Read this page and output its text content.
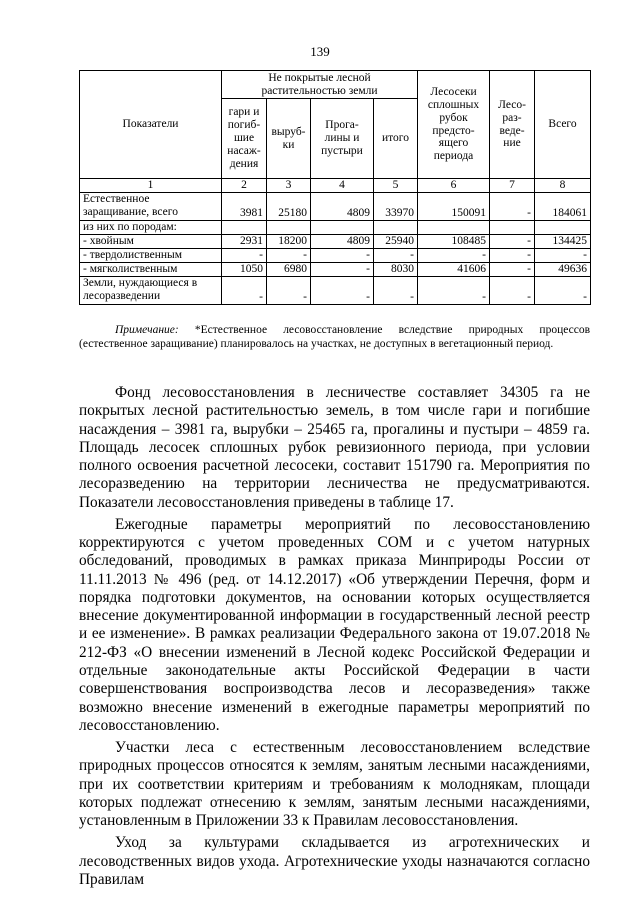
139
Показатели	Не покрытые лесной растительностью земли				Лесосеки сплошных рубок предсто-ящего периода	Лесо-раз-веде-ние	Всего
	гари и погиб-шие насаж-дения	выруб-ки	Прога-лины и пустыри	итого			
1	2	3	4	5	6	7	8
Естественное заращивание, всего	3981	25180	4809	33970	150091	-	184061
из них по породам:							
- хвойным	2931	18200	4809	25940	108485	-	134425
- твердолиственным	-	-	-	-	-	-	-
- мягколиственным	1050	6980	-	8030	41606	-	49636
Земли, нуждающиеся в лесоразведении	-	-	-	-	-	-	-

Примечание: *Естественное лесовосстановление вследствие природных процессов (естественное заращивание) планировалось на участках, не доступных в вегетационный период.

Фонд лесовосстановления в лесничестве составляет 34305 га не покрытых лесной растительностью земель, в том числе гари и погибшие насаждения – 3981 га, вырубки – 25465 га, прогалины и пустыри – 4859 га. Площадь лесосек сплошных рубок ревизионного периода, при условии полного освоения расчетной лесосеки, составит 151790 га. Мероприятия по лесоразведению на территории лесничества не предусматриваются. Показатели лесовосстановления приведены в таблице 17.

Ежегодные параметры мероприятий по лесовосстановлению корректируются с учетом проведенных СОМ и с учетом натурных обследований, проводимых в рамках приказа Минприроды России от 11.11.2013 № 496 (ред. от 14.12.2017) «Об утверждении Перечня, форм и порядка подготовки документов, на основании которых осуществляется внесение документированной информации в государственный лесной реестр и ее изменение». В рамках реализации Федерального закона от 19.07.2018 № 212-ФЗ «О внесении изменений в Лесной кодекс Российской Федерации и отдельные законодательные акты Российской Федерации в части совершенствования воспроизводства лесов и лесоразведения» также возможно внесение изменений в ежегодные параметры мероприятий по лесовосстановлению.

Участки леса с естественным лесовосстановлением вследствие природных процессов относятся к землям, занятым лесными насаждениями, при их соответствии критериям и требованиям к молоднякам, площади которых подлежат отнесению к землям, занятым лесными насаждениями, установленным в Приложении 33 к Правилам лесовосстановления.

Уход за культурами складывается из агротехнических и лесоводственных видов ухода. Агротехнические уходы назначаются согласно Правилам
